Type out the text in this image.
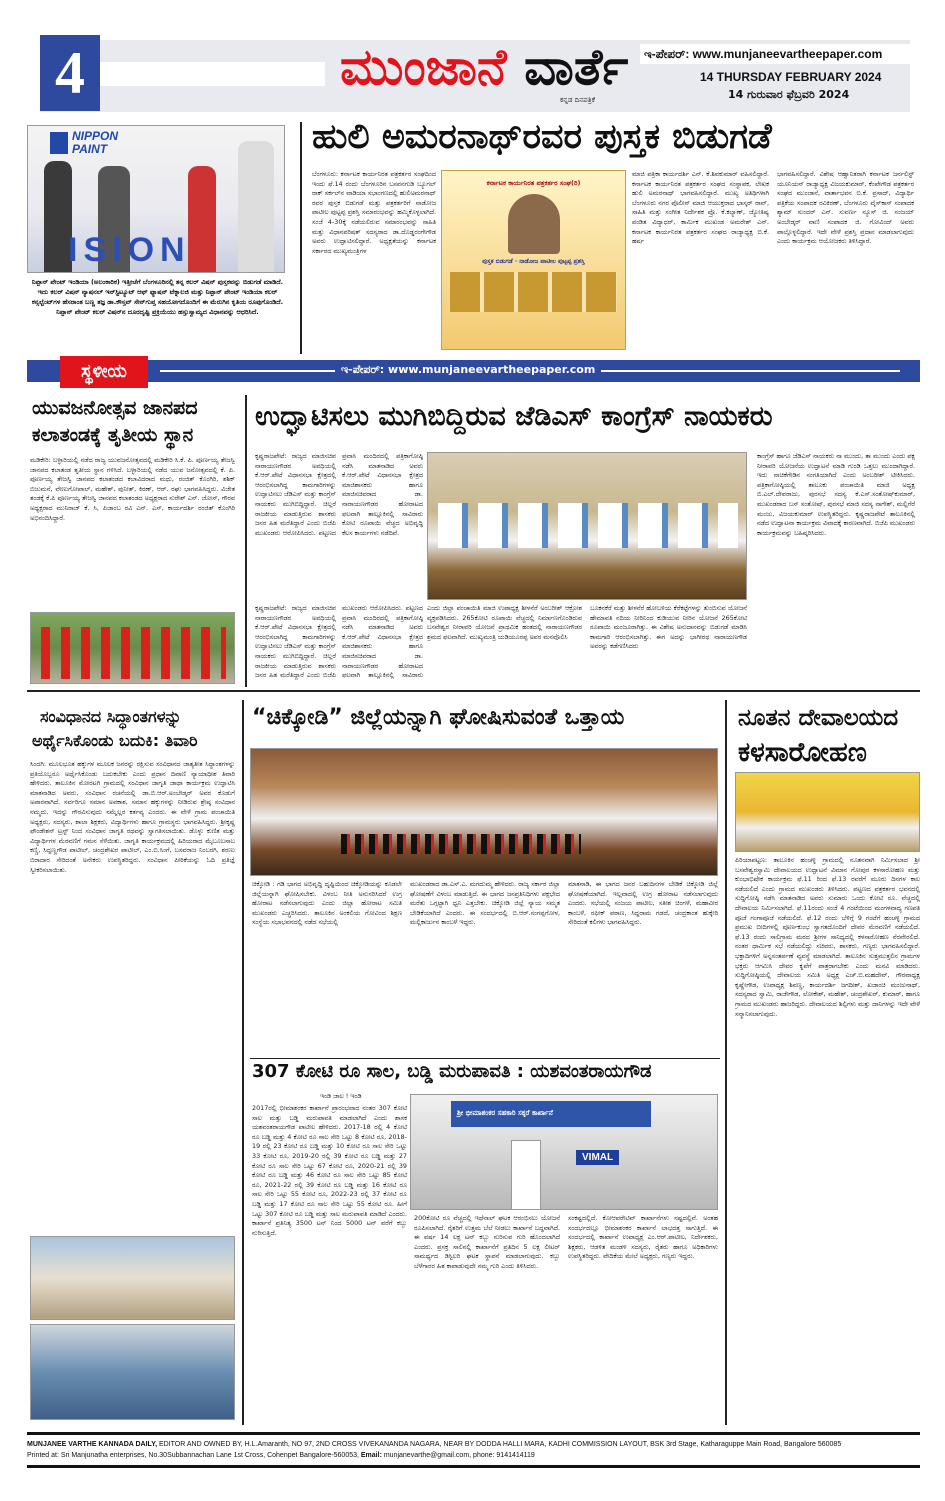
4	ಮುಂಜಾನೆ ವಾರ್ತೆ
ಕನ್ನಡ ದಿನಪತ್ರಿಕೆ
ಇ-ಪೇಪರ್: www.munjaneevartheepaper.com
14 THURSDAY FEBRUARY 2024
14 ಗುರುವಾರ ಫೆಬ್ರವರಿ 2024
NIPPON PAINT
ISION
ನಿಪ್ಪಾನ್ ಪೇಂಟ್ ಇಂಡಿಯಾ (ಅಲಂಕಾರಿಕ) ಇತ್ತೀಚೆಗೆ ಬೆಂಗಳೂರಿನಲ್ಲಿ ತನ್ನ ಕಲರ್ ವಿಷನ್ ಪುಸ್ತಕವನ್ನು ಬಿಡುಗಡೆ ಮಾಡಿದೆ. ಇದು ಕಲರ್ ವಿಷನ್ ನ್ಯಾಷನಲ್ ಇನ್‌ಸ್ಟಿಟ್ಯೂಟ್ ಆಫ್ ಫ್ಯಾಷನ್ ಟೆಕ್ನಾಲಜಿ ಮತ್ತು ನಿಪ್ಪಾನ್ ಪೇಂಟ್ ಇಂಡಿಯಾ ಕಲರ್ ಕನ್ಸಲ್ಟೆಂಟ್‌ಗಳ ಹೆಸರಾಂತ ಬಣ್ಣ ತಜ್ಞ ಡಾ.ಕೌಸ್ತವ್ ಸೇನ್‌ಗುಪ್ತ ಸಹಯೋಗದೊಂದಿಗೆ ಈ ಮೆರುಗಿನ ಕೃತಿಯ ರೂಪುಗೊಂಡಿದೆ. ನಿಪ್ಪಾನ್ ಪೇಂಟ್ ಕಲರ್ ವಿಷನ್‌ನ ದೂರದೃಷ್ಟಿ ಪ್ರಕ್ರಿಯೆಯು ಹಸ್ತುಸ್ವಾಮ್ಯದ ವಿಧಾನವನ್ನು ಆಧರಿಸಿದೆ.
ಹುಲಿ ಅಮರನಾಥ್‌ರವರ ಪುಸ್ತಕ ಬಿಡುಗಡೆ
ಬೆಂಗಳೂರು: ಕರ್ನಾಟಕ ಕಾರ್ಯನಿರತ ಪತ್ರಕರ್ತರ ಸಂಘದಿಂದ ಇಂದು ಫೆ.14 ರಂದು ಬೆಂಗಳೂರಿನ ಬಸವನಗುಡಿ ಬ್ಯೂಗಲ್ ರಾಕ್ ಸರ್ಕಲ್‌ನ ವಾಡಿಯಾ ಸಭಾಂಗಣದಲ್ಲಿ ಹುಲಿಅಮರನಾಥ್ ರವರ ಪುಸ್ತಕ ಬಿಡುಗಡೆ ಮತ್ತು ಪತ್ರಕರ್ತರಿಗೆ ನಾಡೋಜ ಪಾಟೀಲ ಪುಟ್ಟಪ್ಪ ಪ್ರಶಸ್ತಿ ಸಮಾರಂಭವನ್ನು ಹಮ್ಮಿಕೊಳ್ಳಲಾಗಿದೆ. ಸಂಜೆ 4-30ಕ್ಕೆ ನಡೆಯಲಿರುವ ಸಮಾರಂಭವನ್ನು ಸಾಹಿತಿ ಮತ್ತು ವಿಧಾನಪರಿಷತ್ ಸದಸ್ಯರಾದ ಡಾ.ದೊಡ್ಡರಂಗೇಗೌಡ ಅವರು ಉದ್ಘಾಟಿಸಲಿದ್ದಾರೆ. ಅಧ್ಯಕ್ಷತೆಯನ್ನು ಕರ್ನಾಟಕ ಸರ್ಕಾರದ ಮುಖ್ಯಮಂತ್ರಿಗಳ
ಕರ್ನಾಟಕ ಕಾರ್ಯನಿರತ ಪತ್ರಕರ್ತರ ಸಂಘ(ರಿ)
ಪುಸ್ತಕ ಬಿಡುಗಡೆ · ನಾಡೋಜ ಪಾಟೀಲ ಪುಟ್ಟಪ್ಪ ಪ್ರಶಸ್ತಿ
ಮಾಜಿ ಪತ್ರಿಕಾ ಕಾರ್ಯದರ್ಶಿ ಎನ್. ಕೆ.ಶಿವಕುಮಾರ್ ವಹಿಸಲಿದ್ದಾರೆ. ಕರ್ನಾಟಕ ಕಾರ್ಯನಿರತ ಪತ್ರಕರ್ತರ ಸಂಘದ ಸಂಸ್ಥಾಪಕ, ಲೇಖಕ ಹುಲಿ ಅಮರನಾಥ್ ಭಾಗವಹಿಸಲಿದ್ದಾರೆ. ಮುಖ್ಯ ಅತಿಥಿಗಳಾಗಿ ಬೆಂಗಳೂರು ನಗರ ಪೊಲೀಸ್ ಮಾಜಿ ಆಯುಕ್ತರಾದ ಭಾಸ್ಕರ್ ರಾವ್, ಸಾಹಿತಿ ಮತ್ತು ಸಂಗೀತ ನಿರ್ದೇಶಕ ಪ್ರೊ. ಕೆ.ಕಲ್ಯಾಣ್, ಜ್ಯೋತಿಷ್ಯ ಪಂಡಿತ ವಿದ್ಯಾಧರ್, ಕಾರ್ಮಿಕ ಮುಖಂಡ ಅಮರೇಶ್ ಎನ್. ಕರ್ನಾಟಕ ಕಾರ್ಯನಿರತ ಪತ್ರಕರ್ತರ ಸಂಘದ ರಾಜ್ಯಾಧ್ಯಕ್ಷ ಬಿ.ಕೆ. ಹರ್ಷ
ಭಾಗವಹಿಸಲಿದ್ದಾರೆ. ವಿಶೇಷ ಆಹ್ವಾನಿತರಾಗಿ ಕರ್ನಾಟಕ ಜರ್ನಲಿಸ್ಟ್ ಯೂನಿಯನ್ ರಾಜ್ಯಾಧ್ಯಕ್ಷ ವಿಜಯಕುಮಾರ್, ಕೆಂಪೇಗೌಡ ಪತ್ರಕರ್ತರ ಸಂಘದ ಮುಂಜಾನೆ, ವಾರ್ತಾಭವನ ಬಿ.ಕೆ. ಪ್ರಸಾದ್, ವಿದ್ಯಾರ್ಥಿ ಪತ್ರಿಕೆಯ ಸಂಪಾದಕ ರವಿಕಿರಣ್, ಬೆಂಗಳೂರು ವೈಸ್‌ಕಾಸ್ ಸಂಪಾದಕ ಶ್ಯಾಮ್ ಸುಂದರ್ ಎನ್. ಸುವರ್ಣ ನ್ಯೂಸ್ ಜಿ. ಸಂಜಯ್ ಅಂಬೇಡ್ಕರ್ ವಾಣಿ ಸಂಪಾದಕ ಜಿ. ಗೋವಿಂದ್ ಅವರು ಪಾಲ್ಗೊಳ್ಳಲಿದ್ದಾರೆ. ಇದೇ ವೇಳೆ ಪ್ರಶಸ್ತಿ ಪ್ರದಾನ ಮಾಡಲಾಗುವುದು ಎಂದು ಕಾರ್ಯಕ್ರಮ ಆಯೋಜಕರು ತಿಳಿಸಿದ್ದಾರೆ.
ಇ-ಪೇಪರ್: www.munjaneevartheepaper.com
ಸ್ಥಳೀಯ
ಯುವಜನೋತ್ಸವ ಜಾನಪದ
ಕಲಾತಂಡಕ್ಕೆ ತೃತೀಯ ಸ್ಥಾನ
ಮಡಿಕೇರಿ: ಬಳ್ಳಾರಿಯಲ್ಲಿ ನಡೆದ ರಾಜ್ಯ ಯುವಜನೋತ್ಸವದಲ್ಲಿ ಮಡಿಕೇರಿ ಸಿ.ಕೆ. ಪಿ. ಪೂರ್ಣಯ್ಯ ತೇಜಸ್ವಿ ಜಾನಪದ ಕಲಾತಂಡ ತೃತೀಯ ಸ್ಥಾನ ಗಳಿಸಿದೆ. ಬಳ್ಳಾರಿಯಲ್ಲಿ ನಡೆದ ಯುವ ಜನೋತ್ಸವದಲ್ಲಿ ಕೆ. ಪಿ. ಪೂರ್ಣಯ್ಯ ತೇಜಸ್ವಿ ಜಾನಪದ ಕಲಾತಂಡದ ಕಲಾವಿದರಾದ ಮಧು, ರಂಜಿತ್ ಕೊಂಗಿರಿ, ಶಶಿಕ್ ಬಿಜುಮನೆ, ವೇಣುಗೋಪಾಲ್, ಮಹೇಶ್, ಪುನೀತ್, ಕಿರಣ್, ಆರ್. ರಘು ಭಾಗವಹಿಸಿದ್ದರು. ವಿಜೇತ ತಂಡಕ್ಕೆ ಕೆ.ಪಿ ಪೂರ್ಣಯ್ಯ ತೇಜಸ್ವಿ ಜಾನಪದ ಕಲಾತಂಡದ ಅಧ್ಯಕ್ಷರಾದ ಸುರೇಶ್ ಎನ್. ಜೋಸ್, ಗೌರವ ಅಧ್ಯಕ್ಷರಾದ ಮುನಿರಾಜ್ ಕೆ. ಸಿ, ಪಿಜಾಂಬ ರವಿ ಎನ್. ಎಸ್, ಕಾರ್ಯದರ್ಶಿ ರಂಜಿತ್ ಕೊಂಗಿರಿ ಅಭಿನಂದಿಸಿದ್ದಾರೆ.
ಉದ್ಘಾಟಿಸಲು ಮುಗಿಬಿದ್ದಿರುವ ಜೆಡಿಎಸ್ ಕಾಂಗ್ರೆಸ್ ನಾಯಕರು
ಕೃಷ್ಣರಾಜಪೇಟೆ: ರಾಜ್ಯದ ಮಾಜಿಸಚಿವ ನಾರಾಯಣಗೌಡರ ಅವಧಿಯಲ್ಲಿ ಕೆ.ಆರ್.ಪೇಟೆ ವಿಧಾನಸಭಾ ಕ್ಷೇತ್ರದಲ್ಲಿ ಆರಂಭಿಸಲಾಗಿದ್ದ ಕಾಮಗಾರಿಗಳನ್ನು ಉದ್ಘಾಟಿಸಲು ಜೆಡಿಎಸ್ ಮತ್ತು ಕಾಂಗ್ರೆಸ್ ನಾಯಕರು ಮುಗಿಬಿದ್ದಿದ್ದಾರೆ. ಚಿಲ್ಲರೆ ರಾಜಕೀಯ ಮಾಡುತ್ತಿರುವ ಶಾಸಕರು ಜನರ ಹಿತ ಮರೆತಿದ್ದಾರೆ ಎಂದು ಬಿಜೆಪಿ ಮುಖಂಡರು ಆರೋಪಿಸಿದರು. ಪಟ್ಟಣದ ಪ್ರವಾಸಿ ಮಂದಿರದಲ್ಲಿ ಪತ್ರಿಕಾಗೋಷ್ಠಿ ನಡೆಸಿ ಮಾತನಾಡಿದ ಅವರು ಕೆ.ಆರ್.ಪೇಟೆ ವಿಧಾನಸಭಾ ಕ್ಷೇತ್ರದ ಮಾಜಿಶಾಸಕರು ಹಾಗೂ ಮಾಜಿಸಚಿವರಾದ ಡಾ. ನಾರಾಯಣಗೌಡರ ಹೋರಾಟದ ಫಲವಾಗಿ ತಾಲ್ಲೂಕಿನಲ್ಲಿ ಸಾವಿರಾರು ಕೋಟಿ ರೂಪಾಯಿ ವೆಚ್ಚದ ಅಭಿವೃದ್ಧಿ ಕೆಲಸ ಕಾರ್ಯಗಳು ನಡೆದಿವೆ.
ಕೃಷ್ಣರಾಜಪೇಟೆ: ರಾಜ್ಯದ ಮಾಜಿಸಚಿವ ನಾರಾಯಣಗೌಡರ ಅವಧಿಯಲ್ಲಿ ಕೆ.ಆರ್.ಪೇಟೆ ವಿಧಾನಸಭಾ ಕ್ಷೇತ್ರದಲ್ಲಿ ಆರಂಭಿಸಲಾಗಿದ್ದ ಕಾಮಗಾರಿಗಳನ್ನು ಉದ್ಘಾಟಿಸಲು ಜೆಡಿಎಸ್ ಮತ್ತು ಕಾಂಗ್ರೆಸ್ ನಾಯಕರು ಮುಗಿಬಿದ್ದಿದ್ದಾರೆ. ಚಿಲ್ಲರೆ ರಾಜಕೀಯ ಮಾಡುತ್ತಿರುವ ಶಾಸಕರು ಜನರ ಹಿತ ಮರೆತಿದ್ದಾರೆ ಎಂದು ಬಿಜೆಪಿ ಮುಖಂಡರು ಆರೋಪಿಸಿದರು. ಪಟ್ಟಣದ ಪ್ರವಾಸಿ ಮಂದಿರದಲ್ಲಿ ಪತ್ರಿಕಾಗೋಷ್ಠಿ ನಡೆಸಿ ಮಾತನಾಡಿದ ಅವರು ಕೆ.ಆರ್.ಪೇಟೆ ವಿಧಾನಸಭಾ ಕ್ಷೇತ್ರದ ಮಾಜಿಶಾಸಕರು ಹಾಗೂ ಮಾಜಿಸಚಿವರಾದ ಡಾ. ನಾರಾಯಣಗೌಡರ ಹೋರಾಟದ ಫಲವಾಗಿ ತಾಲ್ಲೂಕಿನಲ್ಲಿ ಸಾವಿರಾರು
ಎಂದು ಜಿಲ್ಲಾ ಪಂಚಾಯಿತಿ ಮಾಜಿ ಉಪಾಧ್ಯಕ್ಷ ಶೀಳನೆರೆ ಅಂಬರೀಶ್ ಆಕ್ರೋಶ ವ್ಯಕ್ತಪಡಿಸಿದರು. 265ಕೋಟಿ ರೂಪಾಯಿ ವೆಚ್ಚದಲ್ಲಿ ನಿರ್ಮಾಣಗೊಂಡಿರುವ ಬಸವೇಶ್ವರ ನೀರಾವರಿ ಯೋಜನೆ ಪ್ರಾಥಮಿಕ ಹಂತದಲ್ಲಿ ನಾರಾಯಣಗೌಡರ ಶ್ರಮದ ಫಲವಾಗಿದೆ. ಮುಖ್ಯಮಂತ್ರಿ ಯಡಿಯೂರಪ್ಪ ಅವರ ಮನವೊಲಿಸಿ
ಬೂಕನಕೆರೆ ಮತ್ತು ಶೀಳನೆರೆ ಹೋಬಳಿಯ ಕೆರೆಕಟ್ಟೆಗಳನ್ನು ತುಂಬಿಸುವ ಯೋಜನೆ ಹೇಮಾವತಿ ನದಿಯ ನೀರಿನಿಂದ ಕುಡಿಯುವ ನೀರಿನ ಯೋಜನೆ 265ಕೋಟಿ ರೂಪಾಯಿ ಮಂಜೂರಾಗಿತ್ತು. ಈ ವಿಶೇಷ ಅನುದಾನವನ್ನು ಬಿಡುಗಡೆ ಮಾಡಿಸಿ ಕಾಮಗಾರಿ ಆರಂಭಿಸಲಾಗಿತ್ತು. ಈಗ ಅದನ್ನು ಭಾಗೀರಥ ನಾರಾಯಣಗೌಡ ಅವರನ್ನು ಕಡೆಗಣಿಸಿದರು
ಕಾಂಗ್ರೆಸ್ ಹಾಗೂ ಜೆಡಿಎಸ್ ನಾಯಕರು ನಾ ಮುಂದು, ತಾ ಮುಂದು ಎಂದು ಪಕ್ಷ ನೀರಾವರಿ ಯೋಜನೆಯ ಉದ್ಘಾಟನೆ ಮಾಡಿ ಗುಂಡಿ ಒತ್ತಲು ಮುಂದಾಗಿದ್ದಾರೆ. ಇದು ನಾಚಿಕೆಗೇಡಿನ ಸಂಗತಿಯಾಗಿದೆ ಎಂದು ಅಂಬರೀಶ್ ಟೀಕಿಸಿದರು. ಪತ್ರಿಕಾಗೋಷ್ಠಿಯಲ್ಲಿ ತಾಲೂಕು ಪಂಚಾಯಿತಿ ಮಾಜಿ ಅಧ್ಯಕ್ಷ ಬಿ.ಎಲ್.ದೇವರಾಜು, ಪುರಸಭೆ ಸದಸ್ಯ ಕೆ.ಎಸ್.ಸಂತೋಷ್‌ಕುಮಾರ್, ಮುಖಂಡರಾದ ಬಸ್ ಸಂತೋಷ್, ಪುರಸಭೆ ಮಾಜಿ ಸದಸ್ಯ ನಾಗೇಶ್, ಮಲ್ಲಿಗೆರೆ ಮಂಜು, ವಿಜಯಕುಮಾರ್ ಉಪಸ್ಥಿತರಿದ್ದರು. ಕೃಷ್ಣರಾಜಪೇಟೆ ತಾಲೂಕಿನಲ್ಲಿ ನಡೆದ ಉದ್ಘಾಟನಾ ಕಾರ್ಯಕ್ರಮ ವಿವಾದಕ್ಕೆ ಕಾರಣವಾಗಿದೆ. ಬಿಜೆಪಿ ಮುಖಂಡರು ಕಾರ್ಯಕ್ರಮವನ್ನು ಬಹಿಷ್ಕರಿಸಿದರು.
ಸಂವಿಧಾನದ ಸಿದ್ಧಾಂತಗಳನ್ನು
ಅರ್ಥೈಸಿಕೊಂಡು ಬದುಕಿ: ತಿವಾರಿ
ಸಿಂದಗಿ: ಮೂಲಭೂತ ಹಕ್ಕುಗಳ ಮೂಲಕ ಜನರನ್ನು ರಕ್ಷಿಸುವ ಸಂವಿಧಾನದ ಜಾತ್ಯತೀತ ಸಿದ್ಧಾಂತಗಳನ್ನು ಪ್ರತಿಯೊಬ್ಬರೂ ಅರ್ಥೈಸಿಕೊಂಡು ಬದುಕಬೇಕು ಎಂದು ಪ್ರಧಾನ ದಿವಾಣಿ ನ್ಯಾಯಾಧೀಶ ತಿವಾರಿ ಹೇಳಿದರು. ತಾಲೂಕಿನ ಮೋರಟಗಿ ಗ್ರಾಮದಲ್ಲಿ ಸಂವಿಧಾನ ಜಾಗೃತಿ ಜಾಥಾ ಕಾರ್ಯಕ್ರಮ ಉದ್ಘಾಟಿಸಿ ಮಾತನಾಡಿದ ಅವರು, ಸಂವಿಧಾನ ರಚನೆಯಲ್ಲಿ ಡಾ.ಬಿ.ಆರ್.ಅಂಬೇಡ್ಕರ್ ಅವರ ಕೊಡುಗೆ ಅಪಾರವಾಗಿದೆ. ಸರ್ವರಿಗೂ ಸಮಾನ ಅವಕಾಶ, ಸಮಾನ ಹಕ್ಕುಗಳನ್ನು ನೀಡಿರುವ ಶ್ರೇಷ್ಠ ಸಂವಿಧಾನ ನಮ್ಮದು. ಇದನ್ನು ಗೌರವಿಸುವುದು ನಮ್ಮೆಲ್ಲರ ಕರ್ತವ್ಯ ಎಂದರು. ಈ ವೇಳೆ ಗ್ರಾಮ ಪಂಚಾಯಿತಿ ಅಧ್ಯಕ್ಷರು, ಸದಸ್ಯರು, ಶಾಲಾ ಶಿಕ್ಷಕರು, ವಿದ್ಯಾರ್ಥಿಗಳು ಹಾಗೂ ಗ್ರಾಮಸ್ಥರು ಭಾಗವಹಿಸಿದ್ದರು. ಶ್ರೀಕೃಷ್ಣ ಫೌಂಡೇಶನ್ ಟ್ರಸ್ಟ್ ನಿಂದ ಸಂವಿಧಾನ ಜಾಗೃತಿ ರಥವನ್ನು ಸ್ವಾಗತಿಸಲಾಯಿತು. ಡೊಳ್ಳು ಕುಣಿತ ಮತ್ತು ವಿದ್ಯಾರ್ಥಿಗಳ ಮೆರವಣಿಗೆ ಗಮನ ಸೆಳೆಯಿತು. ಜಾಗೃತಿ ಕಾರ್ಯಕ್ರಮದಲ್ಲಿ ಹಿರಿಯರಾದ ಮೈಬೂಬಸಾಬ ಕಣ್ಣಿ, ಸಿದ್ದಣ್ಣಗೌಡ ಪಾಟೀಲ್, ಚಂದ್ರಶೇಖರ ಪಾಟೀಲ್, ಎಂ.ಬಿ.ಸಿಂಗೆ, ಬಸವರಾಜ ನಿಂಬರಗಿ, ಶರಣು ಬಿರಾದಾರ ಸೇರಿದಂತೆ ಅನೇಕರು ಉಪಸ್ಥಿತರಿದ್ದರು. ಸಂವಿಧಾನ ಪೀಠಿಕೆಯನ್ನು ಓದಿ ಪ್ರತಿಜ್ಞೆ ಸ್ವೀಕರಿಸಲಾಯಿತು.
“ಚಿಕ್ಕೋಡಿ” ಜಿಲ್ಲೆಯನ್ನಾಗಿ ಘೋಷಿಸುವಂತೆ ಒತ್ತಾಯ
ಚಿಕ್ಕೋಡಿ : ಗಡಿ ಭಾಗದ ಅಭಿವೃದ್ಧಿ ದೃಷ್ಟಿಯಿಂದ ಚಿಕ್ಕೋಡಿಯನ್ನು ಕೂಡಲೇ ಜಿಲ್ಲೆಯನ್ನಾಗಿ ಘೋಷಿಸಬೇಕು. ವಿಳಂಬ ನೀತಿ ಅನುಸರಿಸಿದರೆ ಉಗ್ರ ಹೋರಾಟ ನಡೆಸಲಾಗುವುದು ಎಂದು ಜಿಲ್ಲಾ ಹೋರಾಟ ಸಮಿತಿ ಮುಖಂಡರು ಎಚ್ಚರಿಸಿದರು. ತಾಲೂಕಿನ ಅಂಕಲಿಯ ಗೋವಿಂದ ಶಿಕ್ಷಣ ಸಂಸ್ಥೆಯ ಸಭಾಭವನದಲ್ಲಿ ನಡೆದ ಸಭೆಯಲ್ಲಿ
ಮುಖಂಡರಾದ ಡಾ.ಎಸ್.ಎ. ಮಗದುಮ್ಮ ಹೇಳಿದರು. ರಾಜ್ಯ ಸರ್ಕಾರ ಜಿಲ್ಲಾ ಘೋಷಣೆಗೆ ವಿಳಂಬ ಮಾಡುತ್ತಿದೆ. ಈ ಭಾಗದ ಜನಪ್ರತಿನಿಧಿಗಳು ಪಕ್ಷಭೇದ ಮರೆತು ಒಗ್ಗಟ್ಟಾಗಿ ಧ್ವನಿ ಎತ್ತಬೇಕು. ಚಿಕ್ಕೋಡಿ ಜಿಲ್ಲೆ ನ್ಯಾಯ ಸಮ್ಮತ ಬೇಡಿಕೆಯಾಗಿದೆ ಎಂದರು. ಈ ಸಂದರ್ಭದಲ್ಲಿ ಬಿ.ಆರ್.ಸಂಗಪ್ಪಗೋಳ, ಮಲ್ಲಿಕಾರ್ಜುನ ಕಾಂಬಳೆ ಇದ್ದರು.
ಮಾತನಾಡಿ, ಈ ಭಾಗದ ಜನರ ಬಹುದಿನಗಳ ಬೇಡಿಕೆ ಚಿಕ್ಕೋಡಿ ಜಿಲ್ಲೆ ಘೋಷಣೆಯಾಗಿದೆ. ಇಲ್ಲವಾದಲ್ಲಿ ಉಗ್ರ ಹೋರಾಟ ನಡೆಸಲಾಗುವುದು ಎಂದರು. ಸಭೆಯಲ್ಲಿ ಸಂಜಯ ಪಾಟೀಲ, ಸತೀಶ ಚಿಂಗಳೆ, ಮಹಾವೀರ ಕಾಂಬಳೆ, ರಫೀಕ್ ಪಠಾಣ, ಸಿದ್ದರಾಮ ಗಡದೆ, ಚಂದ್ರಕಾಂತ ಹುಕ್ಕೇರಿ ಸೇರಿದಂತೆ ಕಲಿಗಳು ಭಾಗವಹಿಸಿದ್ದರು.
307 ಕೋಟಿ ರೂ ಸಾಲ, ಬಡ್ಡಿ ಮರುಪಾವತಿ : ಯಶವಂತರಾಯಗೌಡ
ಇಂಡಿ ಜಾಲ ! ಇಂಡಿ
2017ರಲ್ಲಿ ಭೀಮಾಶಂಕರ ಕಾರ್ಖಾನೆ ಪ್ರಾರಂಭವಾದ ನಂತರ 307 ಕೋಟಿ ಸಾಲ ಮತ್ತು ಬಡ್ಡಿ ಮರುಪಾವತಿ ಮಾಡಲಾಗಿದೆ ಎಂದು ಶಾಸಕ ಯಶವಂತರಾಯಗೌಡ ಪಾಟೀಲ ಹೇಳಿದರು. 2017-18 ರಲ್ಲಿ 4 ಕೋಟಿ ರೂ ಬಡ್ಡಿ ಮತ್ತು 4 ಕೋಟಿ ರೂ ಸಾಲ ಸೇರಿ ಒಟ್ಟು 8 ಕೋಟಿ ರೂ, 2018-19 ರಲ್ಲಿ 23 ಕೋಟಿ ರೂ ಬಡ್ಡಿ ಮತ್ತು 10 ಕೋಟಿ ರೂ ಸಾಲ ಸೇರಿ ಒಟ್ಟು 33 ಕೋಟಿ ರೂ, 2019-20 ರಲ್ಲಿ 39 ಕೋಟಿ ರೂ ಬಡ್ಡಿ ಮತ್ತು 27 ಕೋಟಿ ರೂ ಸಾಲ ಸೇರಿ ಒಟ್ಟು 67 ಕೋಟಿ ರೂ, 2020-21 ರಲ್ಲಿ 39 ಕೋಟಿ ರೂ ಬಡ್ಡಿ ಮತ್ತು 46 ಕೋಟಿ ರೂ ಸಾಲ ಸೇರಿ ಒಟ್ಟು 85 ಕೋಟಿ ರೂ, 2021-22 ರಲ್ಲಿ 39 ಕೋಟಿ ರೂ ಬಡ್ಡಿ ಮತ್ತು 16 ಕೋಟಿ ರೂ ಸಾಲ ಸೇರಿ ಒಟ್ಟು 55 ಕೋಟಿ ರೂ, 2022-23 ರಲ್ಲಿ 37 ಕೋಟಿ ರೂ ಬಡ್ಡಿ ಮತ್ತು 17 ಕೋಟಿ ರೂ ಸಾಲ ಸೇರಿ ಒಟ್ಟು 55 ಕೋಟಿ ರೂ. ಹೀಗೆ ಒಟ್ಟು 307 ಕೋಟಿ ರೂ ಬಡ್ಡಿ ಮತ್ತು ಸಾಲ ಮರುಪಾವತಿ ಮಾಡಿದೆ ಎಂದರು. ಕಾರ್ಖಾನೆ ಪ್ರತಿನಿತ್ಯ 3500 ಟನ್ ನಿಂದ 5000 ಟನ್ ವರೆಗೆ ಕಬ್ಬು ನುರಿಸುತ್ತಿದೆ.
ಶ್ರೀ ಭೀಮಾಶಂಕರ ಸಹಕಾರಿ ಸಕ್ಕರೆ ಕಾರ್ಖಾನೆ
VIMAL
200ಕೋಟಿ ರೂ ವೆಚ್ಚದಲ್ಲಿ ಇಥೆನಾಲ್ ಘಟಕ ಆರಂಭಿಸಲು ಯೋಜನೆ ರೂಪಿಸಲಾಗಿದೆ. ರೈತರಿಗೆ ಉತ್ತಮ ಬೆಲೆ ನೀಡಲು ಕಾರ್ಖಾನೆ ಬದ್ಧವಾಗಿದೆ. ಈ ವರ್ಷ 14 ಲಕ್ಷ ಟನ್ ಕಬ್ಬು ನುರಿಸುವ ಗುರಿ ಹೊಂದಲಾಗಿದೆ ಎಂದರು. ಪ್ರಸಕ್ತ ಸಾಲಿನಲ್ಲಿ ಕಾರ್ಖಾನೆಗೆ ಪ್ರತಿದಿನ 5 ಲಕ್ಷ ಲೀಟರ್ ಸಾಮರ್ಥ್ಯದ ಡಿಸ್ಟಿಲರಿ ಘಟಕ ಸ್ಥಾಪನೆ ಮಾಡಲಾಗುವುದು. ಕಬ್ಬು ಬೆಳೆಗಾರರ ಹಿತ ಕಾಪಾಡುವುದೇ ನಮ್ಮ ಗುರಿ ಎಂದು ತಿಳಿಸಿದರು.
ಸಂಕಷ್ಟದಲ್ಲಿದೆ. ಕೋಆಪರೇಟಿವ್ ಕಾರ್ಖಾನೆಗಳು ನಷ್ಟದಲ್ಲಿವೆ. ಅಂತಹ ಸಂದರ್ಭದಲ್ಲೂ ಭೀಮಾಶಂಕರ ಕಾರ್ಖಾನೆ ಲಾಭದತ್ತ ಸಾಗುತ್ತಿದೆ. ಈ ಸಂದರ್ಭದಲ್ಲಿ ಕಾರ್ಖಾನೆ ಉಪಾಧ್ಯಕ್ಷ ಎಂ.ಆರ್.ಪಾಟೀಲ, ನಿರ್ದೇಶಕರು, ಶಿಕ್ಷಕರು, ಆಡಳಿತ ಮಂಡಳಿ ಸದಸ್ಯರು, ರೈತರು ಹಾಗೂ ಅಧಿಕಾರಿಗಳು ಉಪಸ್ಥಿತರಿದ್ದರು. ವೇದಿಕೆಯ ಮೇಲೆ ಅಧ್ಯಕ್ಷರು, ಗಣ್ಯರು ಇದ್ದರು.
ನೂತನ ದೇವಾಲಯದ
ಕಳಸಾರೋಹಣ
ಪಿರಿಯಾಪಟ್ಟಣ: ತಾಲೂಕಿನ ಹಂಚಳ್ಳಿ ಗ್ರಾಮದಲ್ಲಿ ನೂತನವಾಗಿ ನಿರ್ಮಿಸಲಾದ ಶ್ರೀ ಬಸವೇಶ್ವರಸ್ವಾಮಿ ದೇವಾಲಯದ ಉದ್ಘಾಟನೆ ವಿಮಾನ ಗೋಪುರ ಕಳಸಾರೋಹಣ ಮತ್ತು ಕುಂಭಾಭಿಷೇಕ ಕಾರ್ಯಕ್ರಮ ಫೆ.11 ರಿಂದ ಫೆ.13 ರವರೆಗೆ ಮೂರು ದಿನಗಳ ಕಾಲ ನಡೆಯಲಿದೆ ಎಂದು ಗ್ರಾಮದ ಮುಖಂಡರು ತಿಳಿಸಿದರು. ಪಟ್ಟಣದ ಪತ್ರಕರ್ತರ ಭವನದಲ್ಲಿ ಸುದ್ದಿಗೋಷ್ಠಿ ನಡೆಸಿ ಮಾತನಾಡಿದ ಅವರು ಸುಮಾರು ಒಂದು ಕೋಟಿ ರೂ. ವೆಚ್ಚದಲ್ಲಿ ದೇವಾಲಯ ನಿರ್ಮಿಸಲಾಗಿದೆ. ಫೆ.11ರಂದು ಸಂಜೆ 4 ಗಂಟೆಯಿಂದ ಮಂಗಳವಾದ್ಯ ಗಣಪತಿ ಪೂಜೆ ಗಂಗಾಪೂಜೆ ನಡೆಯಲಿದೆ. ಫೆ.12 ರಂದು ಬೆಳಿಗ್ಗೆ 9 ಗಂಟೆಗೆ ಹಂಚಳ್ಳಿ ಗ್ರಾಮದ ಪ್ರಮುಖ ಬೀದಿಗಳಲ್ಲಿ ಪೂರ್ಣಕುಂಭ ಸ್ವಾಗತದೊಂದಿಗೆ ದೇವರ ಮೆರವಣಿಗೆ ನಡೆಯಲಿದೆ. ಫೆ.13 ರಂದು ಸಾಲಿಗ್ರಾಮ ಮಠದ ಶ್ರೀಗಳ ಸಾನಿಧ್ಯದಲ್ಲಿ ಕಳಸಾರೋಹಣ ನೆರವೇರಲಿದೆ. ನಂತರ ಧಾರ್ಮಿಕ ಸಭೆ ನಡೆಯಲಿದ್ದು ಸಚಿವರು, ಶಾಸಕರು, ಗಣ್ಯರು ಭಾಗವಹಿಸಲಿದ್ದಾರೆ. ಭಕ್ತಾದಿಗಳಿಗೆ ಅನ್ನಸಂತರ್ಪಣೆ ವ್ಯವಸ್ಥೆ ಮಾಡಲಾಗಿದೆ. ತಾಲೂಕಿನ ಸುತ್ತಮುತ್ತಲಿನ ಗ್ರಾಮಗಳ ಭಕ್ತರು ಆಗಮಿಸಿ ದೇವರ ಕೃಪೆಗೆ ಪಾತ್ರರಾಗಬೇಕು ಎಂದು ಮನವಿ ಮಾಡಿದರು. ಸುದ್ದಿಗೋಷ್ಠಿಯಲ್ಲಿ ದೇವಾಲಯ ಸಮಿತಿ ಅಧ್ಯಕ್ಷ ಎಚ್.ಬಿ.ಮಹದೇವ್, ಗೌರವಾಧ್ಯಕ್ಷ ಕೃಷ್ಣೇಗೌಡ, ಉಪಾಧ್ಯಕ್ಷ ಶಿವಣ್ಣ, ಕಾರ್ಯದರ್ಶಿ ಜಗದೀಶ್, ಖಜಾಂಚಿ ಮಂಜುನಾಥ್, ಸದಸ್ಯರಾದ ಸ್ವಾಮಿ, ರಾಜೇಗೌಡ, ಲೋಕೇಶ್, ಮಹೇಶ್, ಚಂದ್ರಶೇಖರ್, ಕುಮಾರ್, ಹಾಗೂ ಗ್ರಾಮದ ಮುಖಂಡರು ಹಾಜರಿದ್ದರು. ದೇವಾಲಯದ ಶಿಲ್ಪಿಗಳು ಮತ್ತು ದಾನಿಗಳನ್ನು ಇದೇ ವೇಳೆ ಸನ್ಮಾನಿಸಲಾಗುವುದು.
MUNJANEE VARTHE KANNADA DAILY, EDITOR AND OWNED BY, H.L.Amaranth, NO 97, 2ND CROSS VIVEKANANDA NAGARA, NEAR BY DODDA HALLI MARA, KADHI COMMISSION LAYOUT, BSK 3rd Stage, Katharaguppe Main Road, Bangalore 560085
Printed at: Sri Manjunatha enterprises, No.30Subbannachan Lane 1st Cross, Cohenpet Bangalore-560053, Email: munjanevarthe@gmail.com, phone: 9141414119
